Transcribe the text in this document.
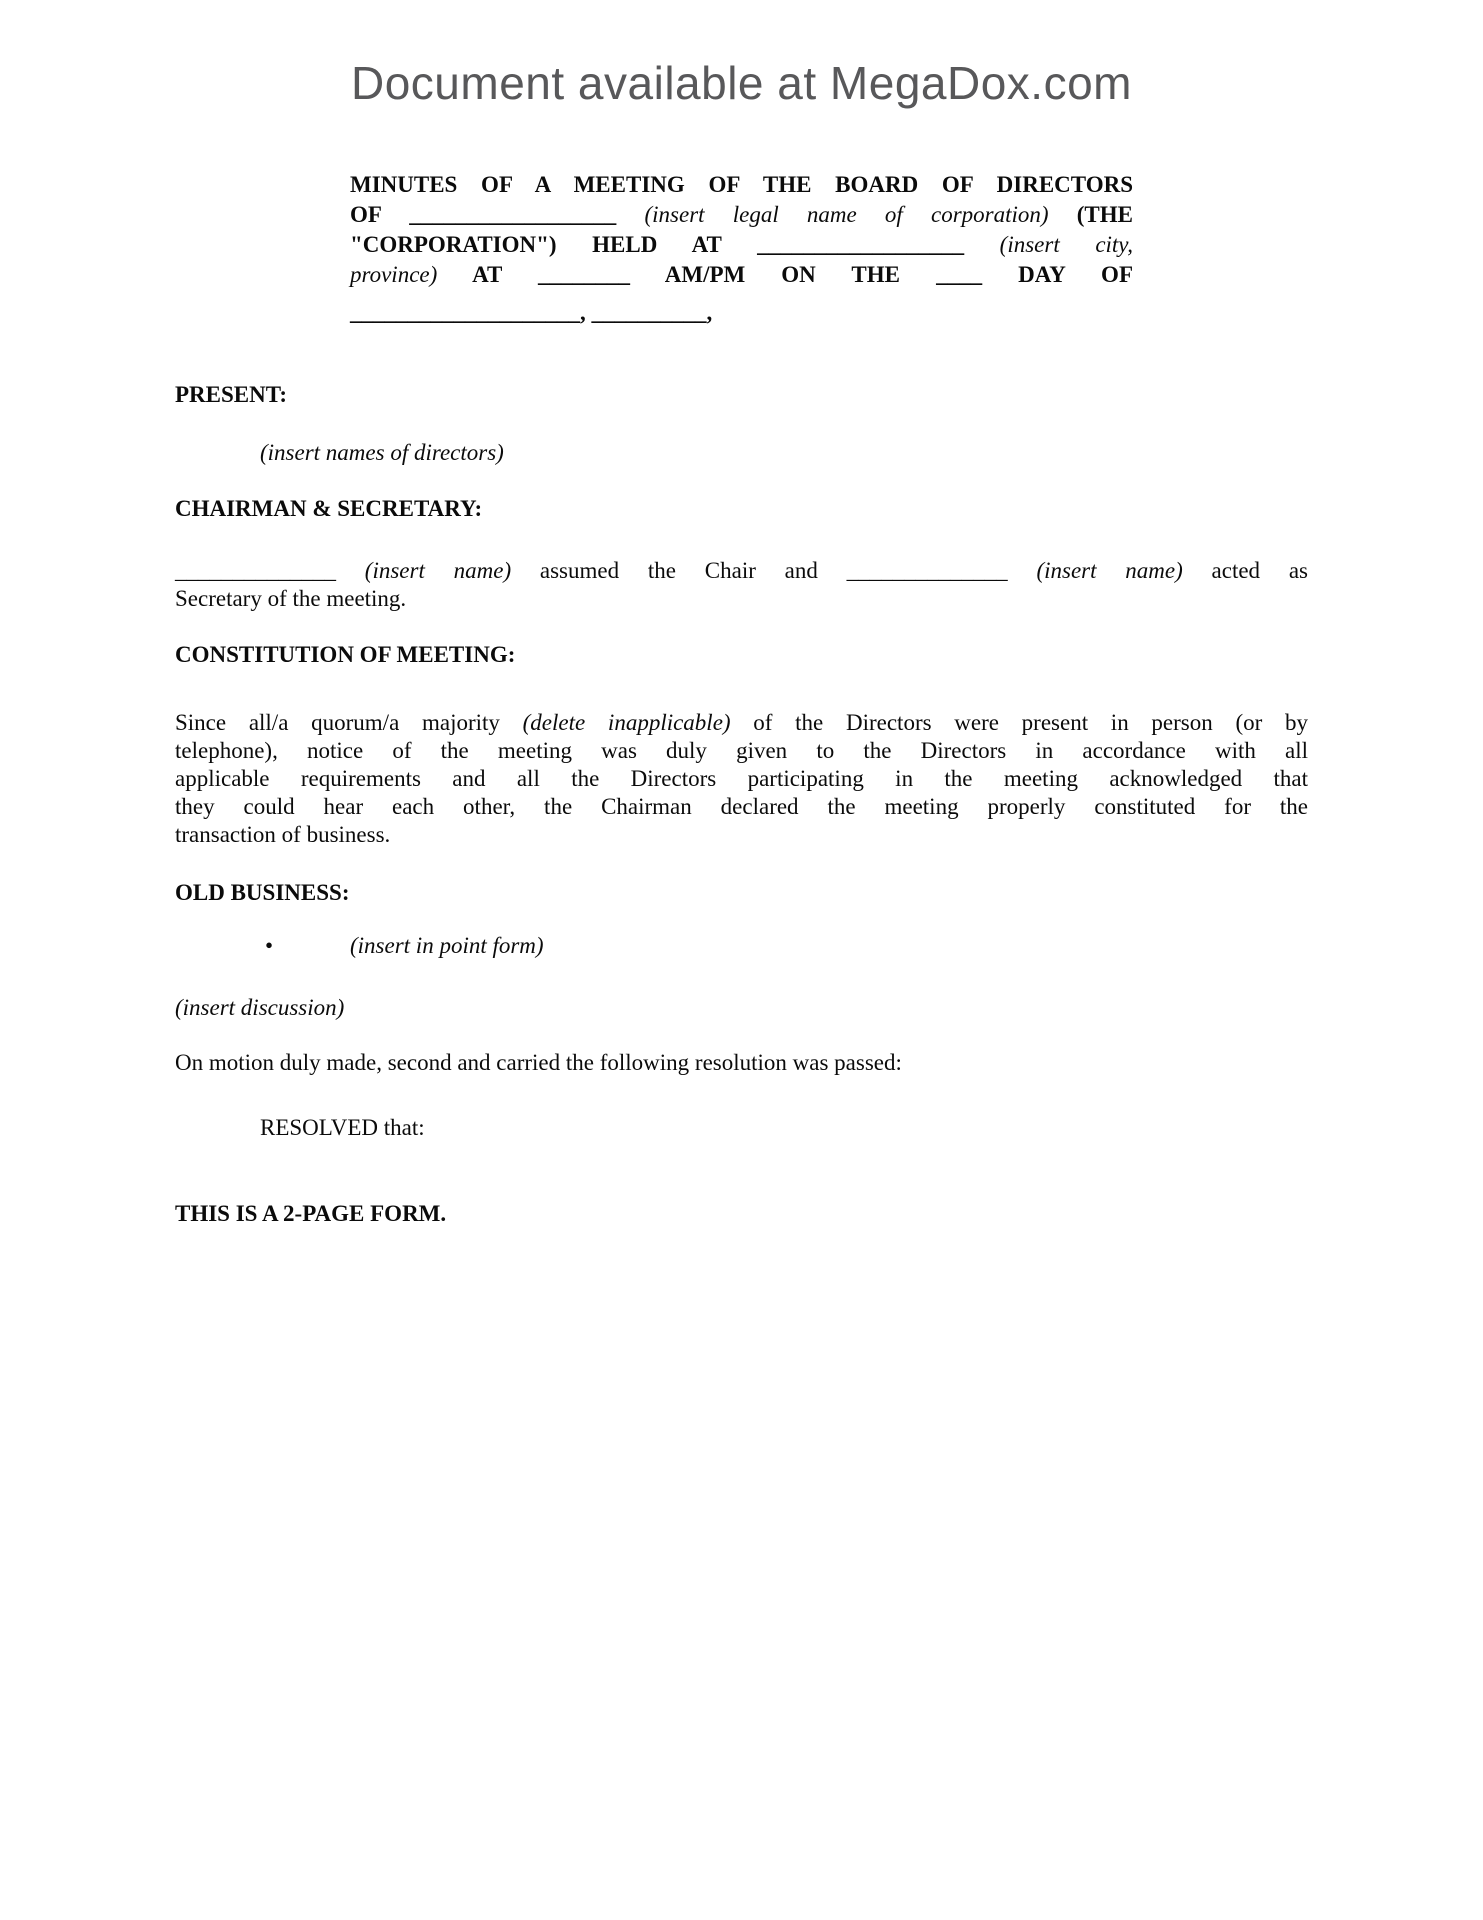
Document available at MegaDox.com
MINUTES OF A MEETING OF THE BOARD OF DIRECTORS
OF __________________ (insert legal name of corporation) (THE
"CORPORATION") HELD AT __________________ (insert city,
province) AT ________ AM/PM ON THE ____ DAY OF
____________________, __________,
PRESENT:
(insert names of directors)
CHAIRMAN & SECRETARY:
______________ (insert name) assumed the Chair and ______________ (insert name) acted as
Secretary of the meeting.
CONSTITUTION OF MEETING:
Since all/a quorum/a majority (delete inapplicable) of the Directors were present in person (or by
telephone), notice of the meeting was duly given to the Directors in accordance with all
applicable requirements and all the Directors participating in the meeting acknowledged that
they could hear each other, the Chairman declared the meeting properly constituted for the
transaction of business.
OLD BUSINESS:
•	(insert in point form)
(insert discussion)
On motion duly made, second and carried the following resolution was passed:
RESOLVED that:
THIS IS A 2-PAGE FORM.
